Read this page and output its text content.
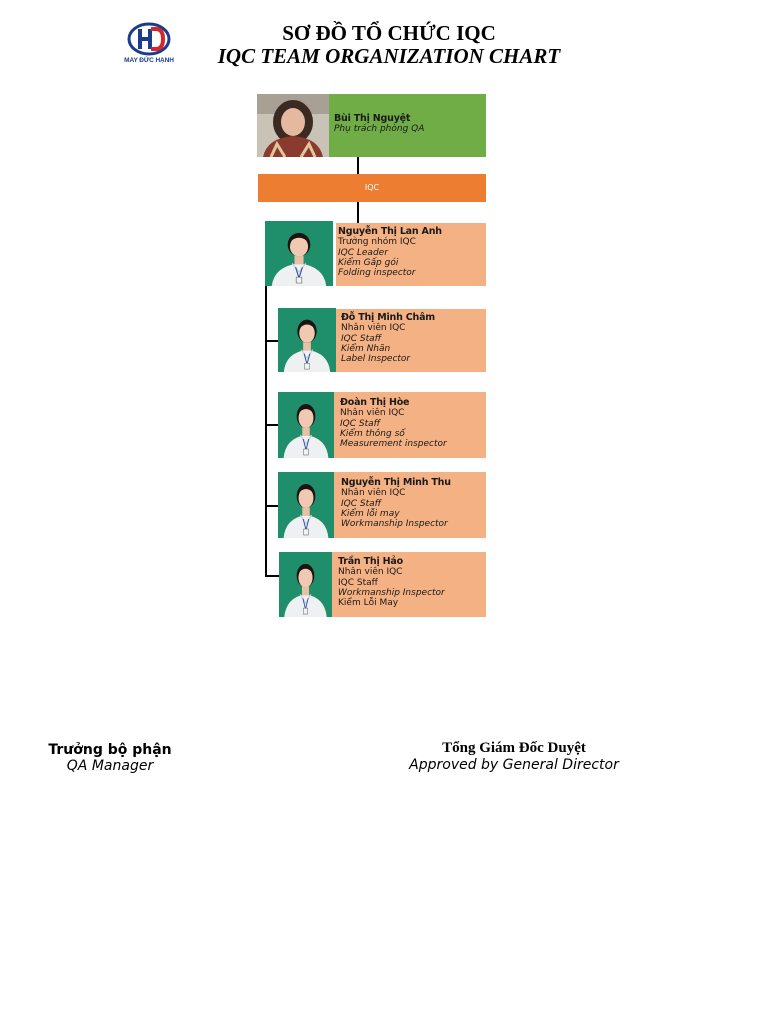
MAY ĐỨC HẠNH
SƠ ĐỒ TỔ CHỨC IQC
IQC TEAM ORGANIZATION CHART
Bùi Thị Nguyệt
Phụ trách phòng QA
IQC
Nguyễn Thị Lan Anh
Trưởng nhóm IQC
IQC Leader
Kiểm Gấp gói
Folding inspector
Đỗ Thị Minh Châm
Nhân viên IQC
IQC Staff
Kiểm Nhãn
Label Inspector
Đoàn Thị Hòe
Nhân viên IQC
IQC Staff
Kiểm thông số
Measurement inspector
Nguyễn Thị Minh Thu
Nhân viên IQC
IQC Staff
Kiểm lỗi may
Workmanship Inspector
Trần Thị Hảo
Nhân viên IQC
IQC Staff
Workmanship Inspector
Kiểm Lỗi May
Trưởng bộ phận
QA Manager
Tổng Giám Đốc Duyệt
Approved by General Director
